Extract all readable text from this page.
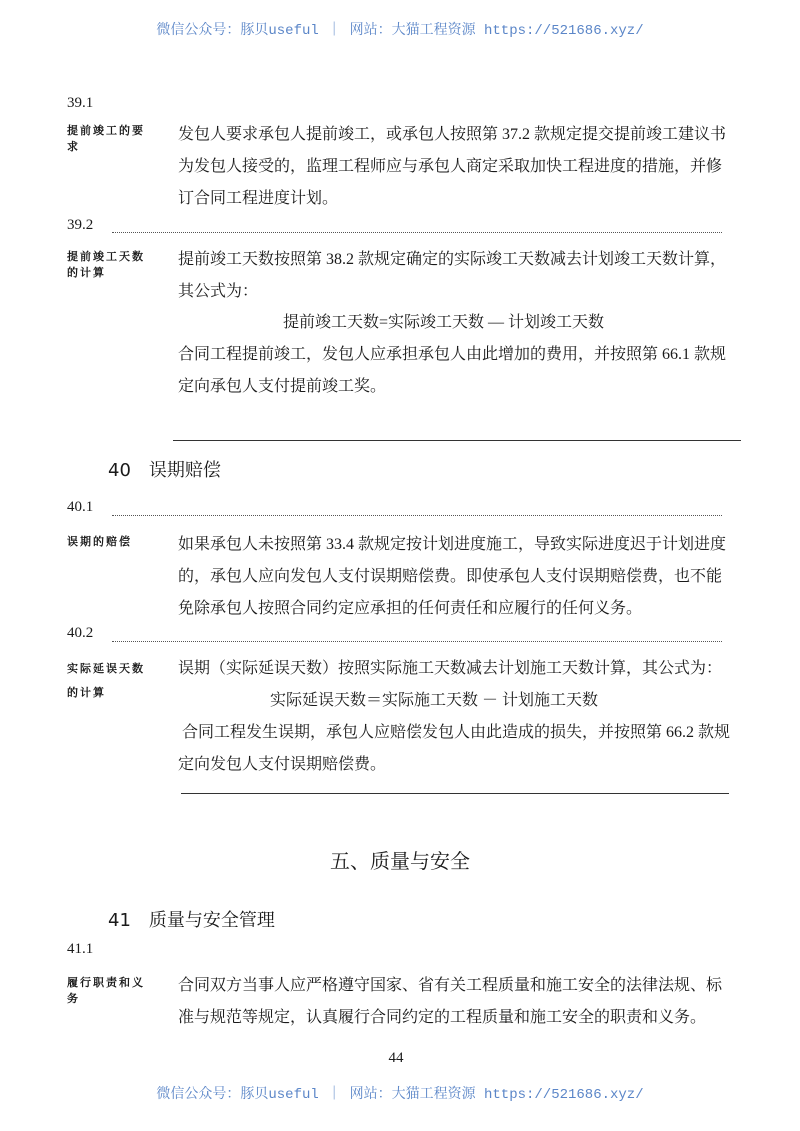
微信公众号：豚贝useful ｜ 网站：大猫工程资源 https://521686.xyz/
39.1
提前竣工的要求
发包人要求承包人提前竣工，或承包人按照第 37.2 款规定提交提前竣工建议书
为发包人接受的，监理工程师应与承包人商定采取加快工程进度的措施，并修
订合同工程进度计划。
39.2
提前竣工天数的计算
提前竣工天数按照第 38.2 款规定确定的实际竣工天数减去计划竣工天数计算，
其公式为：
提前竣工天数=实际竣工天数 — 计划竣工天数
合同工程提前竣工，发包人应承担承包人由此增加的费用，并按照第 66.1 款规
定向承包人支付提前竣工奖。
40　误期赔偿
40.1
误期的赔偿	如果承包人未按照第 33.4 款规定按计划进度施工，导致实际进度迟于计划进度
的，承包人应向发包人支付误期赔偿费。即使承包人支付误期赔偿费，也不能
免除承包人按照合同约定应承担的任何责任和应履行的任何义务。
40.2
实际延误天数的计算
误期（实际延误天数）按照实际施工天数减去计划施工天数计算，其公式为：
实际延误天数＝实际施工天数 － 计划施工天数
合同工程发生误期，承包人应赔偿发包人由此造成的损失，并按照第 66.2 款规
定向发包人支付误期赔偿费。
五、质量与安全
41　质量与安全管理
41.1
履行职责和义务
合同双方当事人应严格遵守国家、省有关工程质量和施工安全的法律法规、标
准与规范等规定，认真履行合同约定的工程质量和施工安全的职责和义务。
44
微信公众号：豚贝useful ｜ 网站：大猫工程资源 https://521686.xyz/
